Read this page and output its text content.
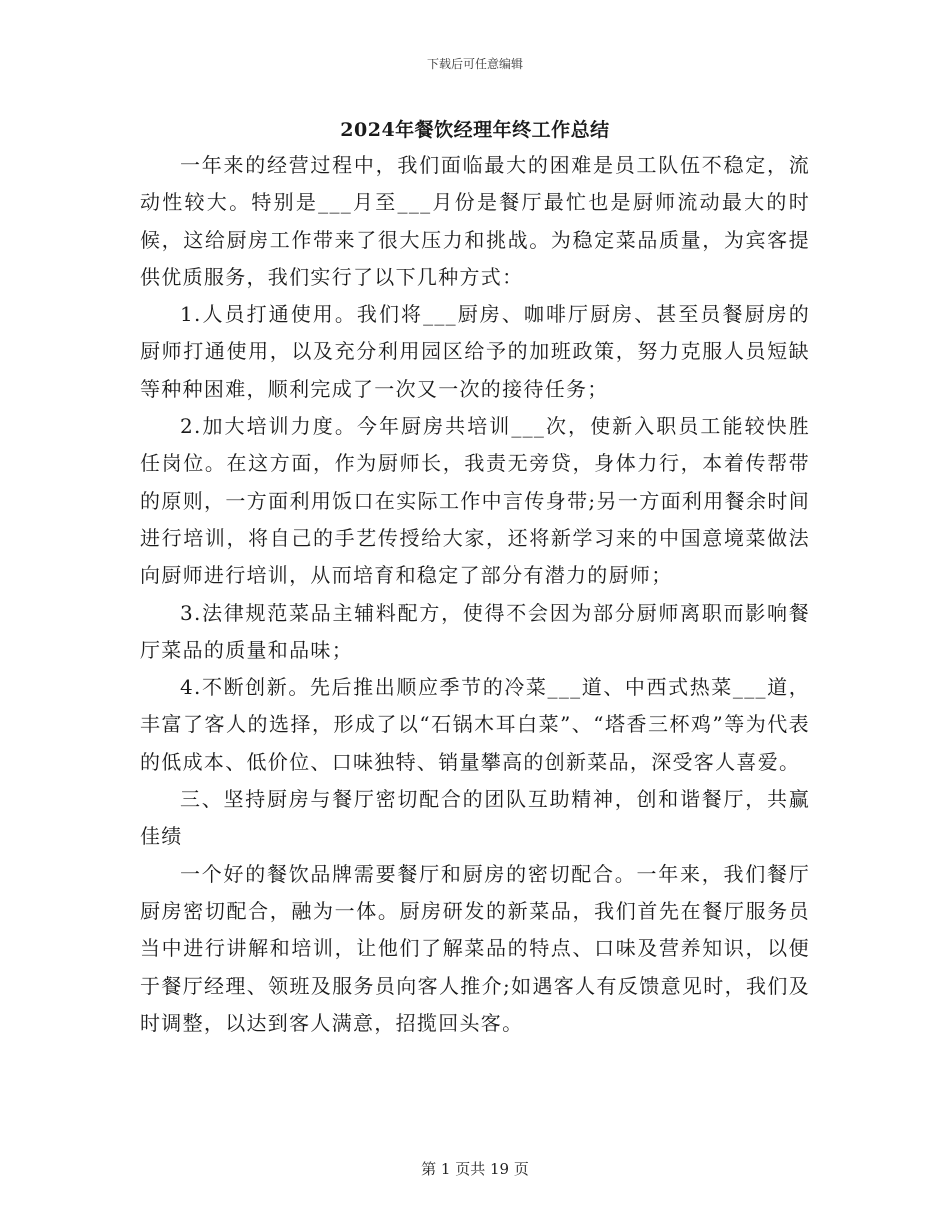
下载后可任意编辑
2024年餐饮经理年终工作总结

一年来的经营过程中，我们面临最大的困难是员工队伍不稳定，流动性较大。特别是___月至___月份是餐厅最忙也是厨师流动最大的时候，这给厨房工作带来了很大压力和挑战。为稳定菜品质量，为宾客提供优质服务，我们实行了以下几种方式：

1.人员打通使用。我们将___厨房、咖啡厅厨房、甚至员餐厨房的厨师打通使用，以及充分利用园区给予的加班政策，努力克服人员短缺等种种困难，顺利完成了一次又一次的接待任务；

2.加大培训力度。今年厨房共培训___次，使新入职员工能较快胜任岗位。在这方面，作为厨师长，我责无旁贷，身体力行，本着传帮带的原则，一方面利用饭口在实际工作中言传身带;另一方面利用餐余时间进行培训，将自己的手艺传授给大家，还将新学习来的中国意境菜做法向厨师进行培训，从而培育和稳定了部分有潜力的厨师；

3.法律规范菜品主辅料配方，使得不会因为部分厨师离职而影响餐厅菜品的质量和品味；

4.不断创新。先后推出顺应季节的冷菜___道、中西式热菜___道，丰富了客人的选择，形成了以“石锅木耳白菜”、“塔香三杯鸡”等为代表的低成本、低价位、口味独特、销量攀高的创新菜品，深受客人喜爱。

三、坚持厨房与餐厅密切配合的团队互助精神，创和谐餐厅，共赢佳绩

一个好的餐饮品牌需要餐厅和厨房的密切配合。一年来，我们餐厅厨房密切配合，融为一体。厨房研发的新菜品，我们首先在餐厅服务员当中进行讲解和培训，让他们了解菜品的特点、口味及营养知识，以便于餐厅经理、领班及服务员向客人推介;如遇客人有反馈意见时，我们及时调整，以达到客人满意，招揽回头客。

第 1 页共 19 页
